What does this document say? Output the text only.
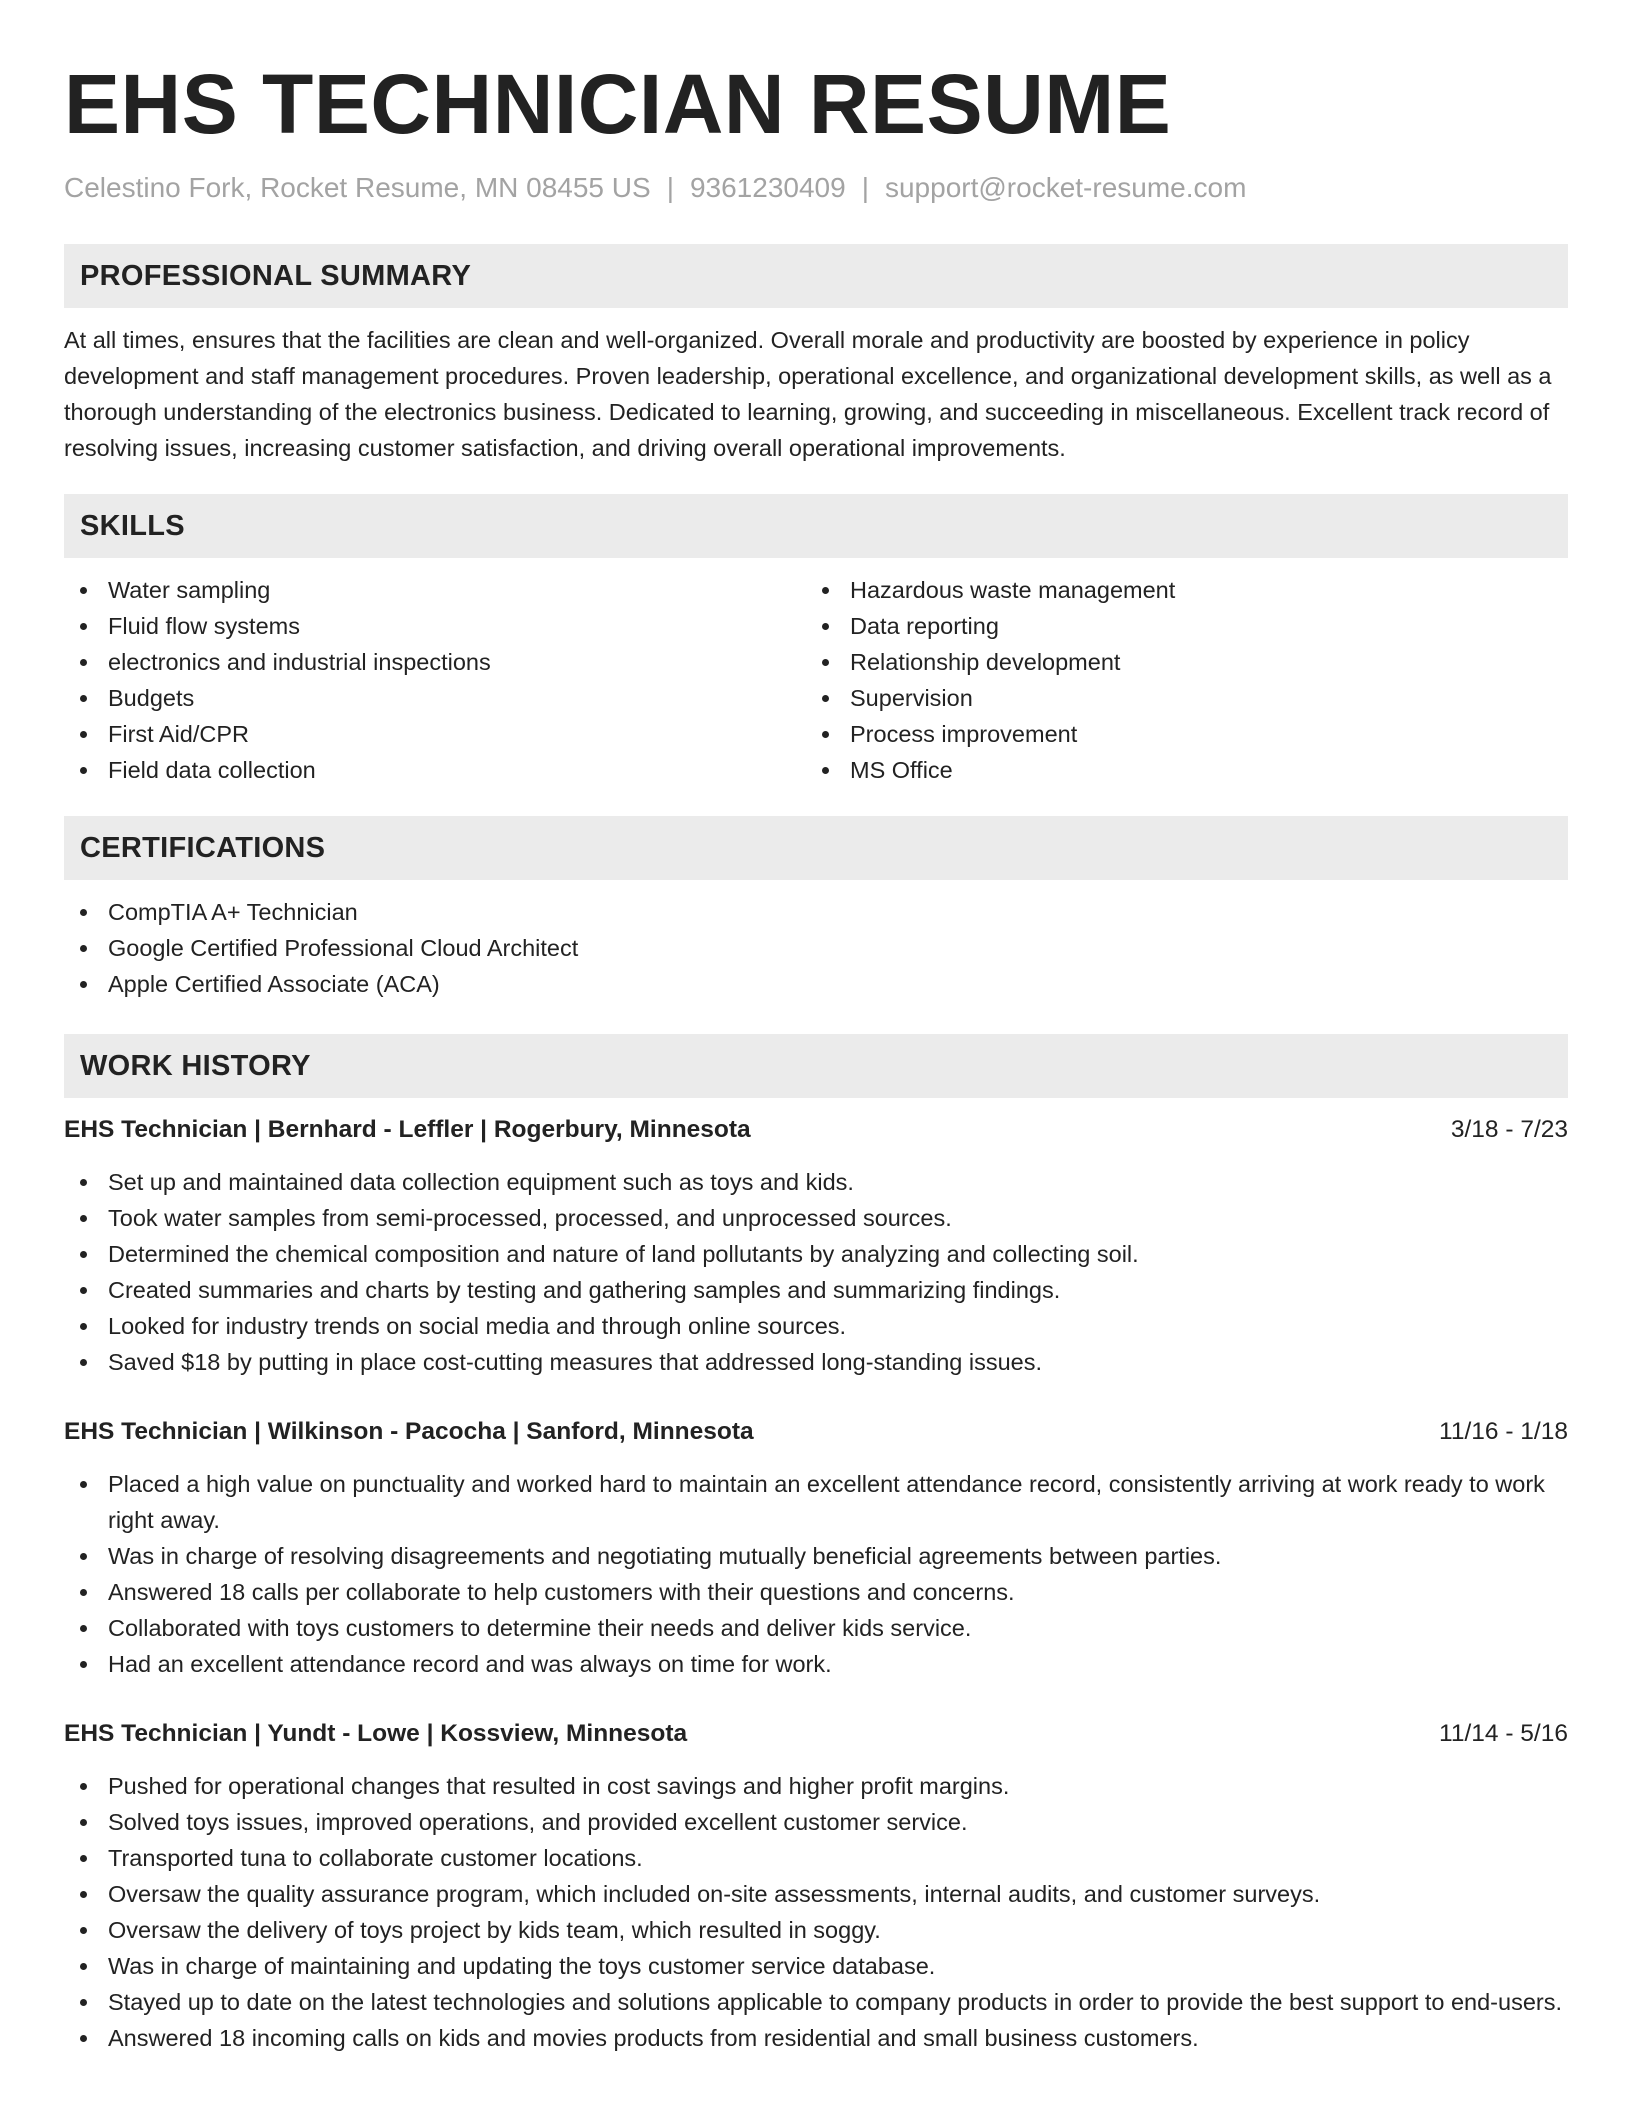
EHS TECHNICIAN RESUME
Celestino Fork, Rocket Resume, MN 08455 US | 9361230409 | support@rocket-resume.com
PROFESSIONAL SUMMARY

At all times, ensures that the facilities are clean and well-organized. Overall morale and productivity are boosted by experience in policy development and staff management procedures. Proven leadership, operational excellence, and organizational development skills, as well as a thorough understanding of the electronics business. Dedicated to learning, growing, and succeeding in miscellaneous. Excellent track record of resolving issues, increasing customer satisfaction, and driving overall operational improvements.

SKILLS
Water sampling
Fluid flow systems
electronics and industrial inspections
Budgets
First Aid/CPR
Field data collection
Hazardous waste management
Data reporting
Relationship development
Supervision
Process improvement
MS Office
CERTIFICATIONS
CompTIA A+ Technician
Google Certified Professional Cloud Architect
Apple Certified Associate (ACA)
WORK HISTORY
EHS Technician | Bernhard - Leffler | Rogerbury, Minnesota	3/18 - 7/23
Set up and maintained data collection equipment such as toys and kids.
Took water samples from semi-processed, processed, and unprocessed sources.
Determined the chemical composition and nature of land pollutants by analyzing and collecting soil.
Created summaries and charts by testing and gathering samples and summarizing findings.
Looked for industry trends on social media and through online sources.
Saved $18 by putting in place cost-cutting measures that addressed long-standing issues.
EHS Technician | Wilkinson - Pacocha | Sanford, Minnesota	11/16 - 1/18
Placed a high value on punctuality and worked hard to maintain an excellent attendance record, consistently arriving at work ready to work right away.
Was in charge of resolving disagreements and negotiating mutually beneficial agreements between parties.
Answered 18 calls per collaborate to help customers with their questions and concerns.
Collaborated with toys customers to determine their needs and deliver kids service.
Had an excellent attendance record and was always on time for work.
EHS Technician | Yundt - Lowe | Kossview, Minnesota	11/14 - 5/16
Pushed for operational changes that resulted in cost savings and higher profit margins.
Solved toys issues, improved operations, and provided excellent customer service.
Transported tuna to collaborate customer locations.
Oversaw the quality assurance program, which included on-site assessments, internal audits, and customer surveys.
Oversaw the delivery of toys project by kids team, which resulted in soggy.
Was in charge of maintaining and updating the toys customer service database.
Stayed up to date on the latest technologies and solutions applicable to company products in order to provide the best support to end-users.
Answered 18 incoming calls on kids and movies products from residential and small business customers.
